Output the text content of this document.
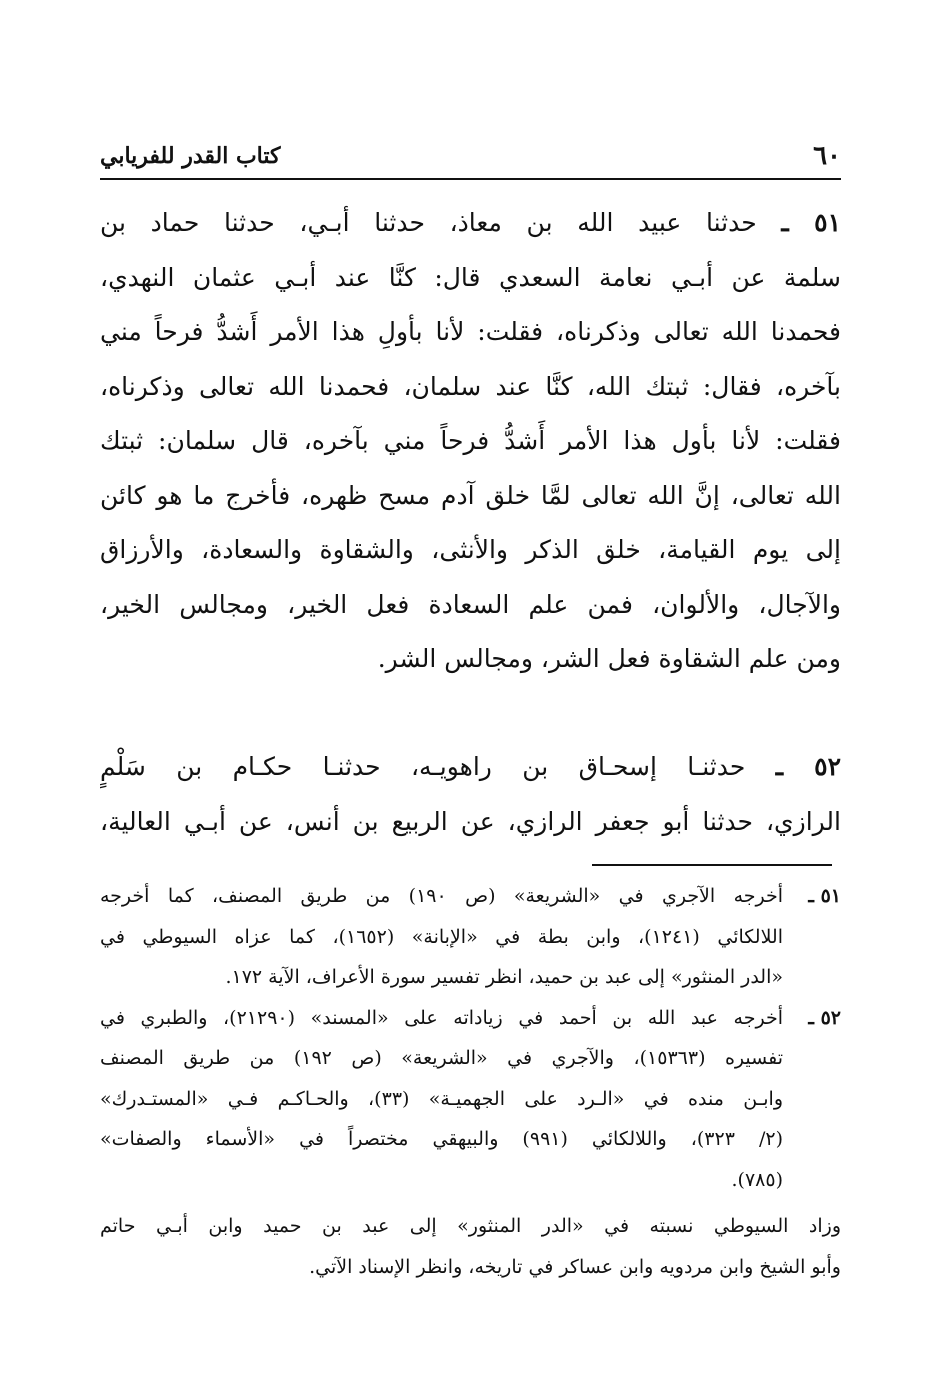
٦٠
كتاب القدر للفريابي
٥١ ـ حدثنا عبيد الله بن معاذ، حدثنا أبـي، حدثنا حماد بن
سلمة عن أبـي نعامة السعدي قال: كنَّا عند أبـي عثمان النهدي،
فحمدنا الله تعالى وذكرناه، فقلت: لأنا بأولِ هذا الأمر أَشدُّ فرحاً مني
بآخره، فقال: ثبتك الله، كنَّا عند سلمان، فحمدنا الله تعالى وذكرناه،
فقلت: لأنا بأول هذا الأمر أَشدُّ فرحاً مني بآخره، قال سلمان: ثبتك
الله تعالى، إنَّ الله تعالى لمَّا خلق آدم مسح ظهره، فأخرج ما هو كائن
إلى يوم القيامة، خلق الذكر والأنثى، والشقاوة والسعادة، والأرزاق
والآجال، والألوان، فمن علم السعادة فعل الخير، ومجالس الخير،
ومن علم الشقاوة فعل الشر، ومجالس الشر.
٥٢ ـ حدثنـا إسحـاق بن راهويـه، حدثنـا حكـام بن سَلْمٍ
الرازي، حدثنا أبو جعفر الرازي، عن الربيع بن أنس، عن أبـي العالية،
٥١ ـ
أخرجه الآجري في «الشريعة» (ص ١٩٠) من طريق المصنف، كما أخرجه
اللالكائي (١٢٤١)، وابن بطة في «الإبانة» (١٦٥٢)، كما عزاه السيوطي في
«الدر المنثور» إلى عبد بن حميد، انظر تفسير سورة الأعراف، الآية ١٧٢.
٥٢ ـ
أخرجه عبد الله بن أحمد في زياداته على «المسند» (٢١٢٩٠)، والطبري في
تفسيره (١٥٣٦٣)، والآجري في «الشريعة» (ص ١٩٢) من طريق المصنف
وابـن منده في «الـرد على الجهميـة» (٣٣)، والحـاكـم فـي «المستـدرك»
(٢/ ٣٢٣)، واللالكائي (٩٩١) والبيهقي مختصراً في «الأسماء والصفات»
(٧٨٥).
وزاد السيوطي نسبته في «الدر المنثور» إلى عبد بن حميد وابن أبـي حاتم
وأبو الشيخ وابن مردويه وابن عساكر في تاريخه، وانظر الإسناد الآتي.
